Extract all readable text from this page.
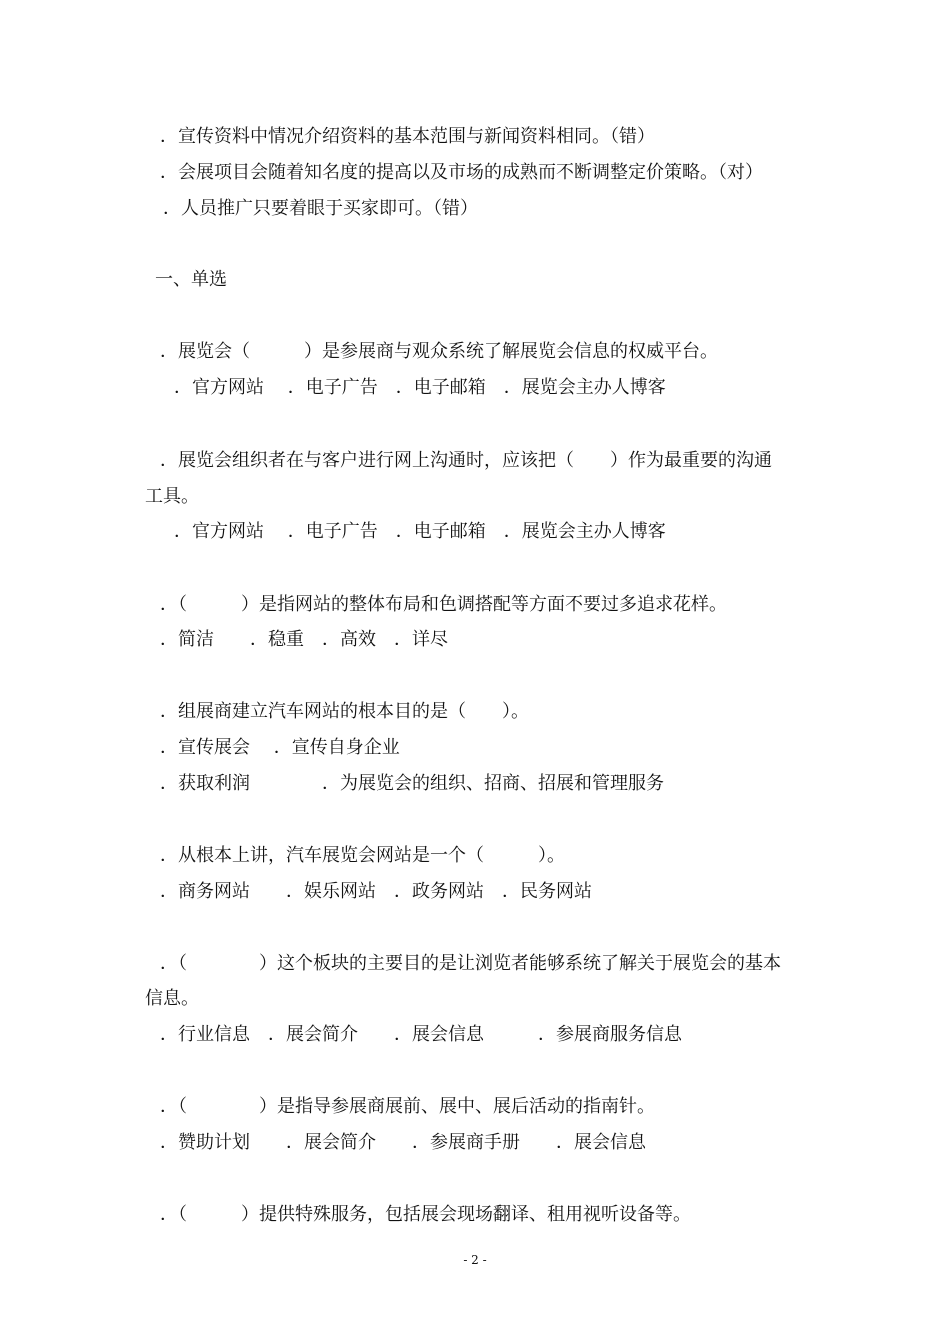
．宣传资料中情况介绍资料的基本范围与新闻资料相同。（错）
．会展项目会随着知名度的提高以及市场的成熟而不断调整定价策略。（对）
．人员推广只要着眼于买家即可。（错）
一、单选
．展览会（　　　）是参展商与观众系统了解展览会信息的权威平台。
．官方网站　 ．电子广告　．电子邮箱　．展览会主办人博客
．展览会组织者在与客户进行网上沟通时，应该把（　　）作为最重要的沟通
工具。
．官方网站　 ．电子广告　．电子邮箱　．展览会主办人博客
．（　　　）是指网站的整体布局和色调搭配等方面不要过多追求花样。
．简洁　　．稳重　．高效　．详尽
．组展商建立汽车网站的根本目的是（　　）。
．宣传展会　 ．宣传自身企业
．获取利润　　　　．为展览会的组织、招商、招展和管理服务
．从根本上讲，汽车展览会网站是一个（　　　）。
．商务网站　　．娱乐网站　．政务网站　．民务网站
．（　　　　）这个板块的主要目的是让浏览者能够系统了解关于展览会的基本
信息。
．行业信息　．展会简介　　．展会信息　　　．参展商服务信息
．（　　　　）是指导参展商展前、展中、展后活动的指南针。
．赞助计划　　．展会简介　　．参展商手册　　．展会信息
．（　　　）提供特殊服务，包括展会现场翻译、租用视听设备等。
- 2 -
